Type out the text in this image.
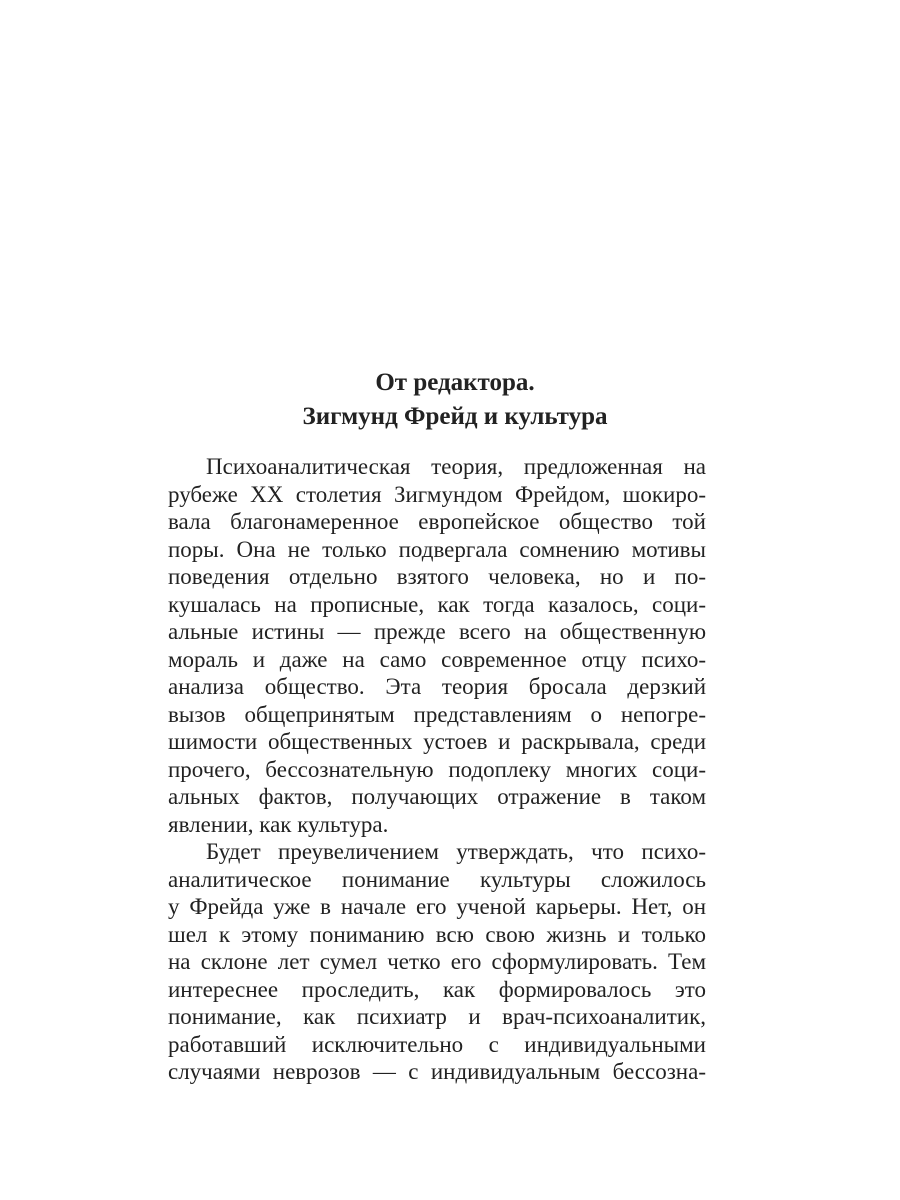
От редактора.
Зигмунд Фрейд и культура
Психоаналитическая теория, предложенная на
рубеже XX столетия Зигмундом Фрейдом, шокиро-
вала благонамеренное европейское общество той
поры. Она не только подвергала сомнению мотивы
поведения отдельно взятого человека, но и по-
кушалась на прописные, как тогда казалось, соци-
альные истины — прежде всего на общественную
мораль и даже на само современное отцу психо-
анализа общество. Эта теория бросала дерзкий
вызов общепринятым представлениям о непогре-
шимости общественных устоев и раскрывала, среди
прочего, бессознательную подоплеку многих соци-
альных фактов, получающих отражение в таком
явлении, как культура.
Будет преувеличением утверждать, что психо-
аналитическое понимание культуры сложилось
у Фрейда уже в начале его ученой карьеры. Нет, он
шел к этому пониманию всю свою жизнь и только
на склоне лет сумел четко его сформулировать. Тем
интереснее проследить, как формировалось это
понимание, как психиатр и врач-психоаналитик,
работавший исключительно с индивидуальными
случаями неврозов — с индивидуальным бессозна-
